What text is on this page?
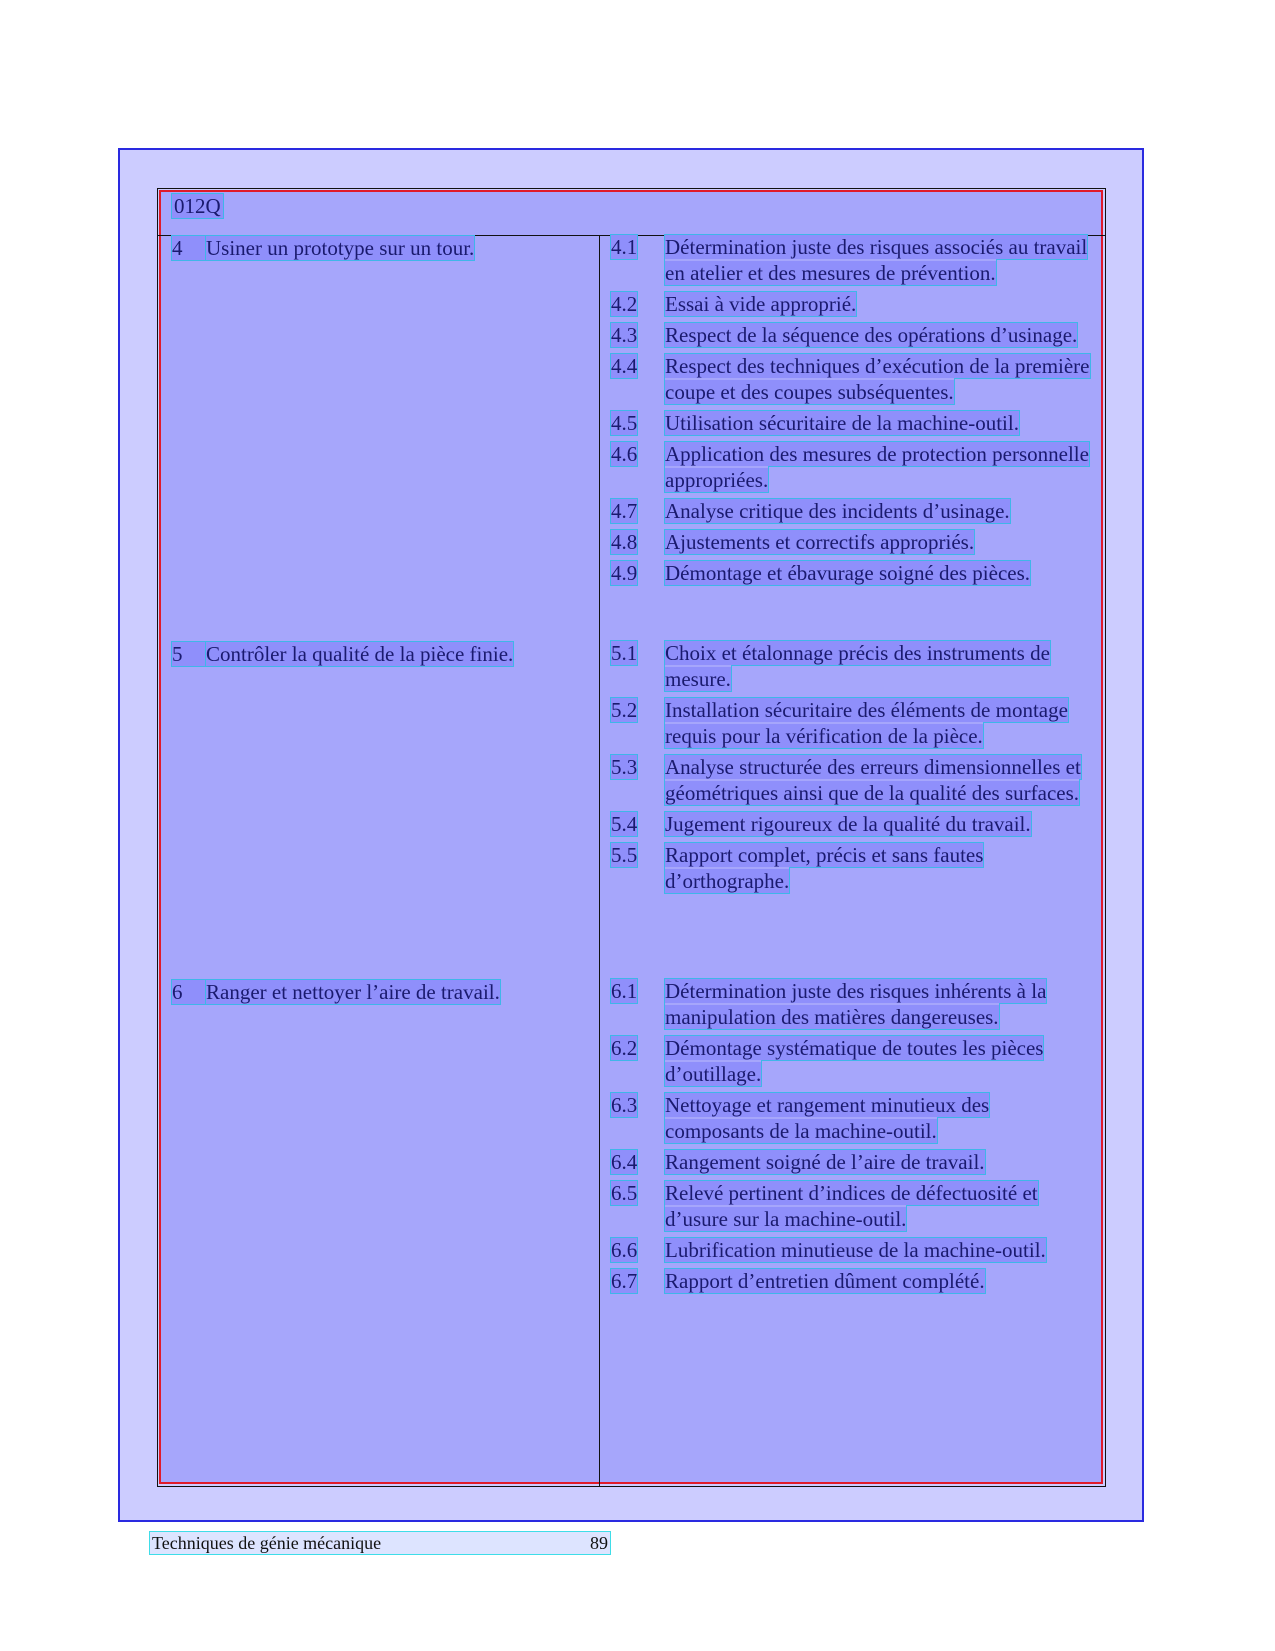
012Q
4	Usiner un prototype sur un tour.	4.1	Détermination juste des risques associés au travail en atelier et des mesures de prévention.
4.2	Essai à vide approprié.
4.3	Respect de la séquence des opérations d’usinage.
4.4	Respect des techniques d’exécution de la première coupe et des coupes subséquentes.
4.5	Utilisation sécuritaire de la machine-outil.
4.6	Application des mesures de protection personnelle appropriées.
4.7	Analyse critique des incidents d’usinage.
4.8	Ajustements et correctifs appropriés.
4.9	Démontage et ébavurage soigné des pièces.
5	Contrôler la qualité de la pièce finie.	5.1	Choix et étalonnage précis des instruments de mesure.
5.2	Installation sécuritaire des éléments de montage requis pour la vérification de la pièce.
5.3	Analyse structurée des erreurs dimensionnelles et géométriques ainsi que de la qualité des surfaces.
5.4	Jugement rigoureux de la qualité du travail.
5.5	Rapport complet, précis et sans fautes d’orthographe.
6	Ranger et nettoyer l’aire de travail.	6.1	Détermination juste des risques inhérents à la manipulation des matières dangereuses.
6.2	Démontage systématique de toutes les pièces d’outillage.
6.3	Nettoyage et rangement minutieux des composants de la machine-outil.
6.4	Rangement soigné de l’aire de travail.
6.5	Relevé pertinent d’indices de défectuosité et d’usure sur la machine-outil.
6.6	Lubrification minutieuse de la machine-outil.
6.7	Rapport d’entretien dûment complété.
Techniques de génie mécanique	89
